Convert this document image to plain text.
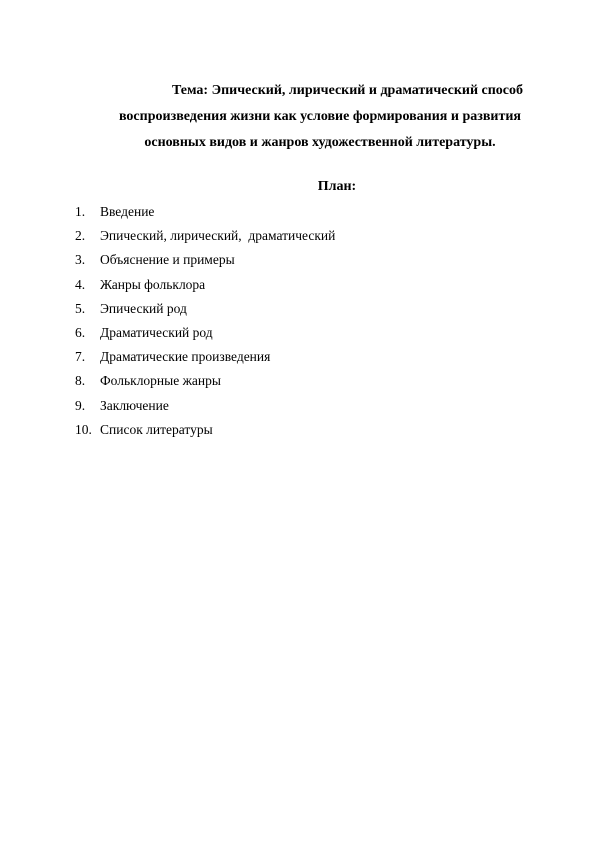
Тема: Эпический, лирический и драматический способ
воспроизведения жизни как условие формирования и развития
основных видов и жанров художественной литературы.
План:
1. Введение
2. Эпический, лирический,  драматический
3. Объяснение и примеры
4. Жанры фольклора
5. Эпический род
6. Драматический род
7. Драматические произведения
8. Фольклорные жанры
9. Заключение
10. Список литературы
